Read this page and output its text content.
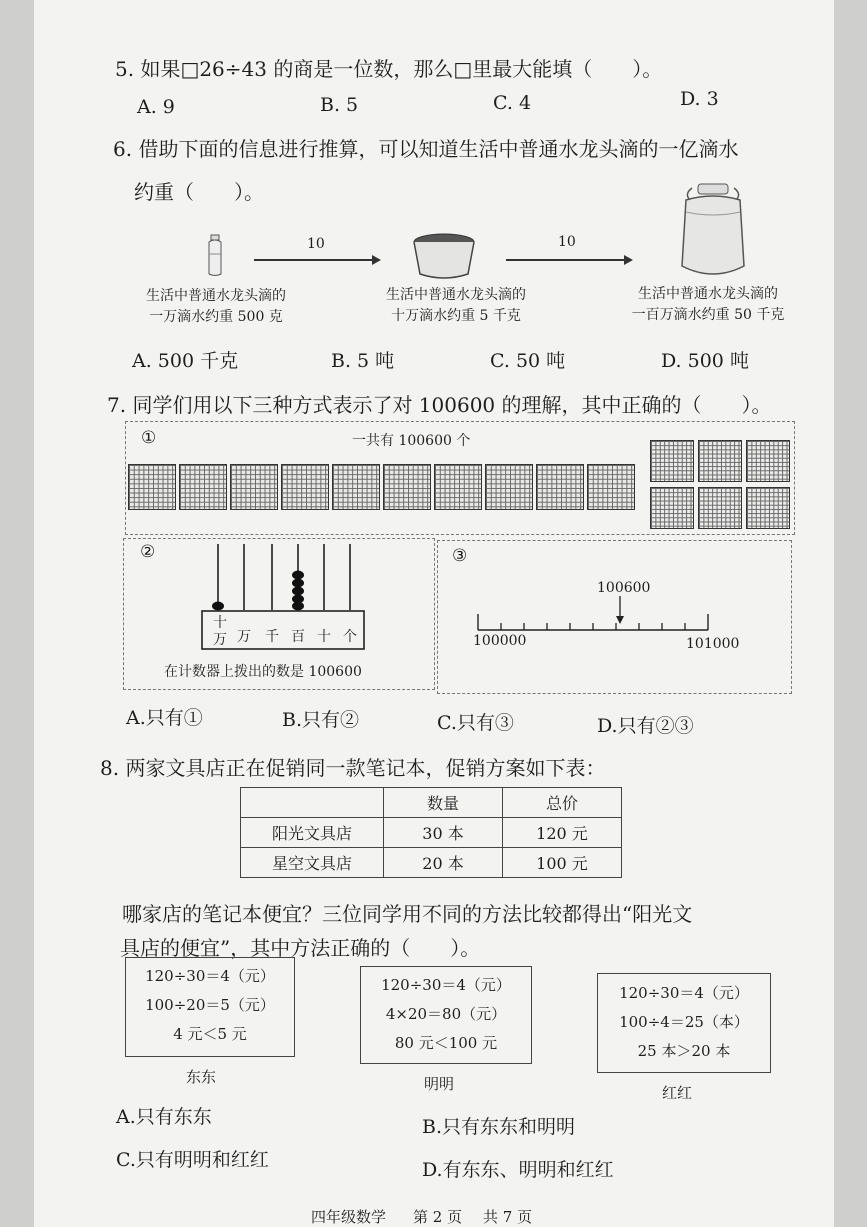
5. 如果□26÷43 的商是一位数，那么□里最大能填（　　）。
A. 9	B. 5	C. 4	D. 3
6. 借助下面的信息进行推算，可以知道生活中普通水龙头滴的一亿滴水
约重（　　）。
10	10
生活中普通水龙头滴的
一万滴水约重 500 克
生活中普通水龙头滴的
十万滴水约重 5 千克
生活中普通水龙头滴的
一百万滴水约重 50 千克
A. 500 千克	B. 5 吨	C. 50 吨	D. 500 吨
7. 同学们用以下三种方式表示了对 100600 的理解，其中正确的（　　）。
①	一共有 100600 个
②
十万 万 千 百 十 个
在计数器上拨出的数是 100600
③
100600
100000	101000
A.只有①	B.只有②	C.只有③	D.只有②③
8. 两家文具店正在促销同一款笔记本，促销方案如下表：
	数量	总价
阳光文具店	30 本	120 元
星空文具店	20 本	100 元
哪家店的笔记本便宜？三位同学用不同的方法比较都得出“阳光文
具店的便宜”，其中方法正确的（　　）。
120÷30＝4（元）
100÷20＝5（元）
4 元＜5 元
东东
120÷30＝4（元）
4×20＝80（元）
80 元＜100 元
明明
120÷30＝4（元）
100÷4＝25（本）
25 本＞20 本
红红
A.只有东东	B.只有东东和明明
C.只有明明和红红	D.有东东、明明和红红
四年级数学 第 2 页 共 7 页
